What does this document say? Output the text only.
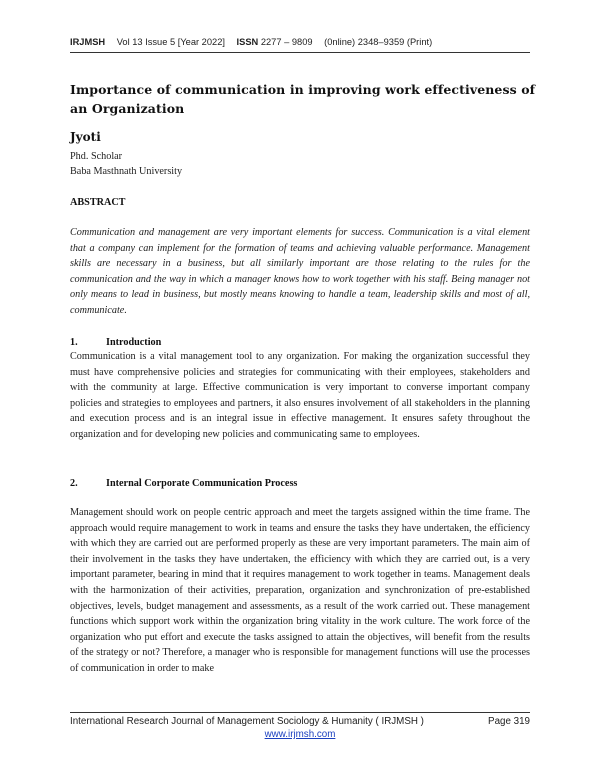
IRJMSH Vol 13 Issue 5 [Year 2022] ISSN 2277 – 9809 (0nline) 2348–9359 (Print)
Importance of communication in improving work effectiveness of an Organization
Jyoti
Phd. Scholar
Baba Masthnath University
ABSTRACT
Communication and management are very important elements for success. Communication is a vital element that a company can implement for the formation of teams and achieving valuable performance. Management skills are necessary in a business, but all similarly important are those relating to the rules for the communication and the way in which a manager knows how to work together with his staff. Being manager not only means to lead in business, but mostly means knowing to handle a team, leadership skills and most of all, communicate.
1.	Introduction
Communication is a vital management tool to any organization. For making the organization successful they must have comprehensive policies and strategies for communicating with their employees, stakeholders and with the community at large. Effective communication is very important to converse important company policies and strategies to employees and partners, it also ensures involvement of all stakeholders in the planning and execution process and is an integral issue in effective management. It ensures safety throughout the organization and for developing new policies and communicating same to employees.
2.	Internal Corporate Communication Process
Management should work on people centric approach and meet the targets assigned within the time frame. The approach would require management to work in teams and ensure the tasks they have undertaken, the efficiency with which they are carried out are performed properly as these are very important parameters. The main aim of their involvement in the tasks they have undertaken, the efficiency with which they are carried out, is a very important parameter, bearing in mind that it requires management to work together in teams. Management deals with the harmonization of their activities, preparation, organization and synchronization of pre-established objectives, levels, budget management and assessments, as a result of the work carried out. These management functions which support work within the organization bring vitality in the work culture. The work force of the organization who put effort and execute the tasks assigned to attain the objectives, will benefit from the results of the strategy or not? Therefore, a manager who is responsible for management functions will use the processes of communication in order to make
International Research Journal of Management Sociology & Humanity ( IRJMSH )	Page 319
www.irjmsh.com
